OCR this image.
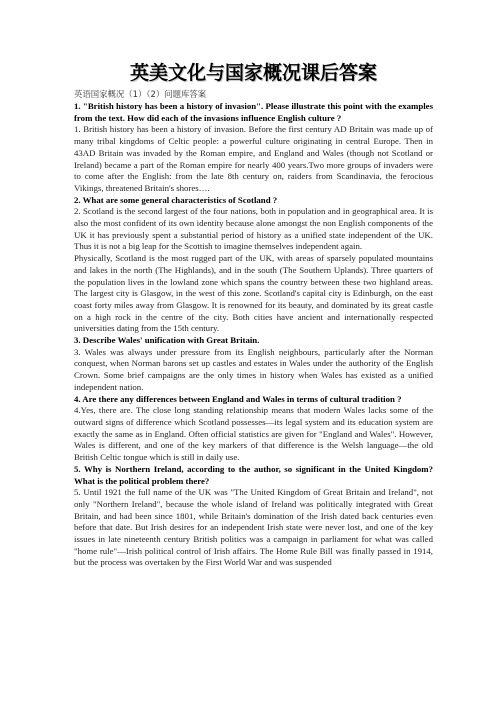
英美文化与国家概况课后答案
英语国家概况（1）（2）问题库答案

1. "British history has been a history of invasion". Please illustrate this point with the examples from the text. How did each of the invasions influence English culture ?

1. British history has been a history of invasion. Before the first century AD Britain was made up of many tribal kingdoms of Celtic people: a powerful culture originating in central Europe. Then in 43AD Britain was invaded by the Roman empire, and England and Wales (though not Scotland or Ireland) became a part of the Roman empire for nearly 400 years.Two more groups of invaders were to come after the English: from the late 8th century on, raiders from Scandinavia, the ferocious Vikings, threatened Britain's shores….

2. What are some general characteristics of Scotland ?

2. Scotland is the second largest of the four nations, both in population and in geographical area. It is also the most confident of its own identity because alone amongst the non English components of the UK it has previously spent a substantial period of history as a unified state independent of the UK. Thus it is not a big leap for the Scottish to imagine themselves independent again.

Physically, Scotland is the most rugged part of the UK, with areas of sparsely populated mountains and lakes in the north (The Highlands), and in the south (The Southern Uplands). Three quarters of the population lives in the lowland zone which spans the country between these two highland areas. The largest city is Glasgow, in the west of this zone. Scotland's capital city is Edinburgh, on the east coast forty miles away from Glasgow. It is renowned for its beauty, and dominated by its great castle on a high rock in the centre of the city. Both cities have ancient and internationally respected universities dating from the 15th century.

3. Describe Wales' unification with Great Britain.

3. Wales was always under pressure from its English neighbours, particularly after the Norman conquest, when Norman barons set up castles and estates in Wales under the authority of the English Crown. Some brief campaigns are the only times in history when Wales has existed as a unified independent nation.

4. Are there any differences between England and Wales in terms of cultural tradition ?

4.Yes, there are. The close long standing relationship means that modern Wales lacks some of the outward signs of difference which Scotland possesses—its legal system and its education system are exactly the same as in England. Often official statistics are given for "England and Wales". However, Wales is different, and one of the key markers of that difference is the Welsh language—the old British Celtic tongue which is still in daily use.

5. Why is Northern Ireland, according to the author, so significant in the United Kingdom? What is the political problem there?

5. Until 1921 the full name of the UK was "The United Kingdom of Great Britain and Ireland", not only "Northern Ireland", because the whole island of Ireland was politically integrated with Great Britain, and had been since 1801, while Britain's domination of the Irish dated back centuries even before that date. But Irish desires for an independent Irish state were never lost, and one of the key issues in late nineteenth century British politics was a campaign in parliament for what was called "home rule"—Irish political control of Irish affairs. The Home Rule Bill was finally passed in 1914, but the process was overtaken by the First World War and was suspended
